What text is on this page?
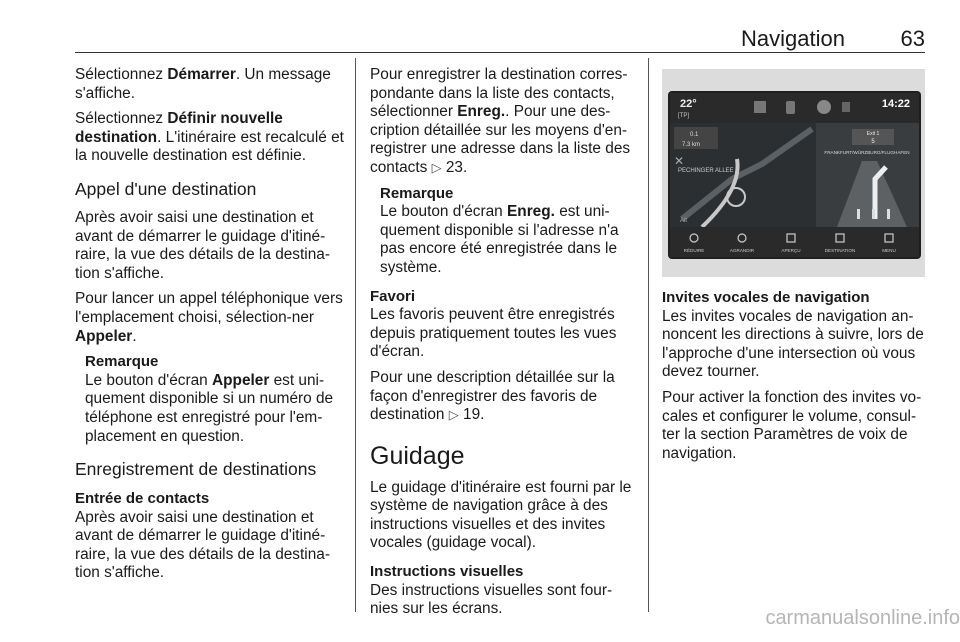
Navigation	63

Sélectionnez Démarrer. Un message s'affiche.

Sélectionnez Définir nouvelle destination. L'itinéraire est recalculé et la nouvelle destination est définie.

Appel d'une destination

Après avoir saisi une destination et avant de démarrer le guidage d'itiné-raire, la vue des détails de la destina-tion s'affiche.

Pour lancer un appel téléphonique vers l'emplacement choisi, sélection-ner Appeler.

Remarque
Le bouton d'écran Appeler est uni-quement disponible si un numéro de téléphone est enregistré pour l'em-placement en question.
Enregistrement de destinations
Entrée de contacts

Après avoir saisi une destination et avant de démarrer le guidage d'itiné-raire, la vue des détails de la destina-tion s'affiche.

Pour enregistrer la destination corres-pondante dans la liste des contacts, sélectionner Enreg.. Pour une des-cription détaillée sur les moyens d'en-registrer une adresse dans la liste des contacts ▷ 23.

Remarque
Le bouton d'écran Enreg. est uni-quement disponible si l'adresse n'a pas encore été enregistrée dans le système.
Favori

Les favoris peuvent être enregistrés depuis pratiquement toutes les vues d'écran.

Pour une description détaillée sur la façon d'enregistrer des favoris de destination ▷ 19.

Guidage

Le guidage d'itinéraire est fourni par le système de navigation grâce à des instructions visuelles et des invites vocales (guidage vocal).

Instructions visuelles

Des instructions visuelles sont four-nies sur les écrans.

22°
[TP]
14:22
0.1
7.3 km
PECHINGER ALLEE
✕
Alt
Exit 1
5
FRANKFURT/WÜRZBURG/FLUGHAFEN
RÉDUIRE	AGRANDIR	APERÇU	DESTINATION	MENU
Invites vocales de navigation

Les invites vocales de navigation an-noncent les directions à suivre, lors de l'approche d'une intersection où vous devez tourner.

Pour activer la fonction des invites vo-cales et configurer le volume, consul-ter la section Paramètres de voix de navigation.

carmanualsonline.info
